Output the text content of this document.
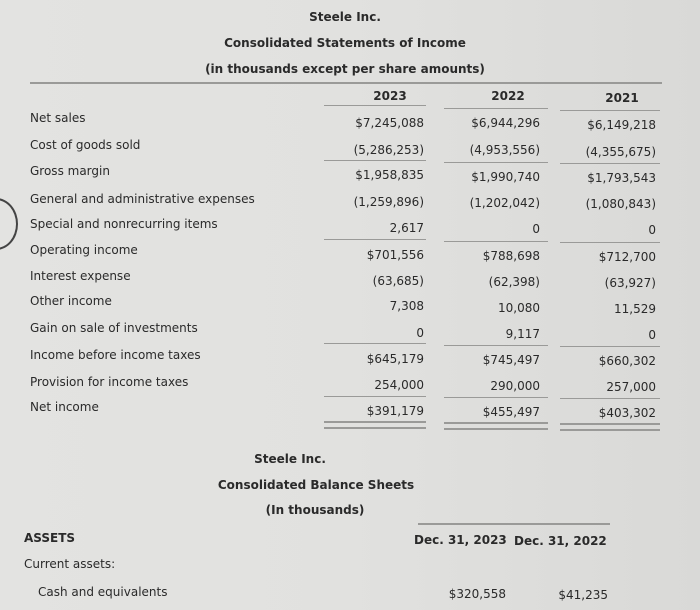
Steele Inc.
Consolidated Statements of Income
(in thousands except per share amounts)
2023	2022	2021
Net sales	$7,245,088	$6,944,296	$6,149,218
Cost of goods sold	(5,286,253)	(4,953,556)	(4,355,675)
Gross margin	$1,958,835	$1,990,740	$1,793,543
General and administrative expenses	(1,259,896)	(1,202,042)	(1,080,843)
Special and nonrecurring items	2,617	0	0
Operating income	$701,556	$788,698	$712,700
Interest expense	(63,685)	(62,398)	(63,927)
Other income	7,308	10,080	11,529
Gain on sale of investments	0	9,117	0
Income before income taxes	$645,179	$745,497	$660,302
Provision for income taxes	254,000	290,000	257,000
Net income	$391,179	$455,497	$403,302
Steele Inc.
Consolidated Balance Sheets
(In thousands)
ASSETS	Dec. 31, 2023 Dec. 31, 2022
Current assets:
Cash and equivalents	$320,558	$41,235
